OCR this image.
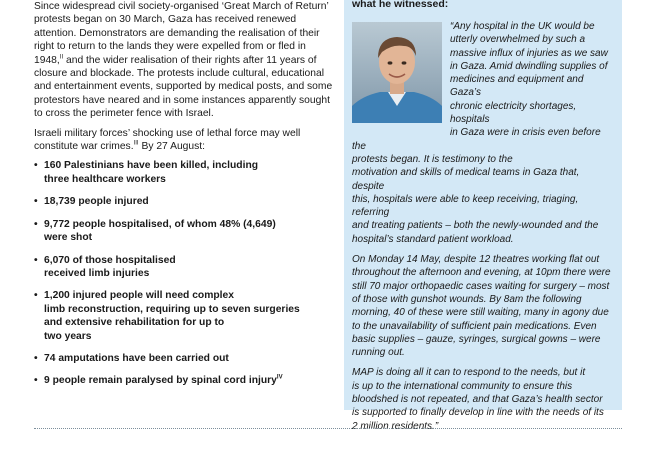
Since widespread civil society-organised ‘Great March of Return’
protests began on 30 March, Gaza has received renewed
attention. Demonstrators are demanding the realisation of their
right to return to the lands they were expelled from or fled in
1948,$^{II}$ and the wider realisation of their rights after 11 years of
closure and blockade. The protests include cultural, educational
and entertainment events, supported by medical posts, and some
protestors have neared and in some instances apparently sought
to cross the perimeter fence with Israel.

Israeli military forces’ shocking use of lethal force may well
constitute war crimes.$^{III}$ By 27 August:

• 160 Palestinians have been killed, including
three healthcare workers
• 18,739 people injured
• 9,772 people hospitalised, of whom 48% (4,649)
were shot
• 6,070 of those hospitalised
received limb injuries
• 1,200 injured people will need complex
limb reconstruction, requiring up to seven surgeries
and extensive rehabilitation for up to
two years
• 74 amputations have been carried out
• 9 people remain paralysed by spinal cord injury$^{IV}$
what he witnessed:

“Any hospital in the UK would be
utterly overwhelmed by such a
massive influx of injuries as we saw
in Gaza. Amid dwindling supplies of
medicines and equipment and Gaza’s
chronic electricity shortages, hospitals
in Gaza were in crisis even before the
protests began. It is testimony to the
motivation and skills of medical teams in Gaza that, despite
this, hospitals were able to keep receiving, triaging, referring
and treating patients – both the newly-wounded and the
hospital’s standard patient workload.

On Monday 14 May, despite 12 theatres working flat out
throughout the afternoon and evening, at 10pm there were
still 70 major orthopaedic cases waiting for surgery – most
of those with gunshot wounds. By 8am the following
morning, 40 of these were still waiting, many in agony due
to the unavailability of sufficient pain medications. Even
basic supplies – gauze, syringes, surgical gowns – were
running out.

MAP is doing all it can to respond to the needs, but it
is up to the international community to ensure this
bloodshed is not repeated, and that Gaza’s health sector
is supported to finally develop in line with the needs of its
2 million residents.”
